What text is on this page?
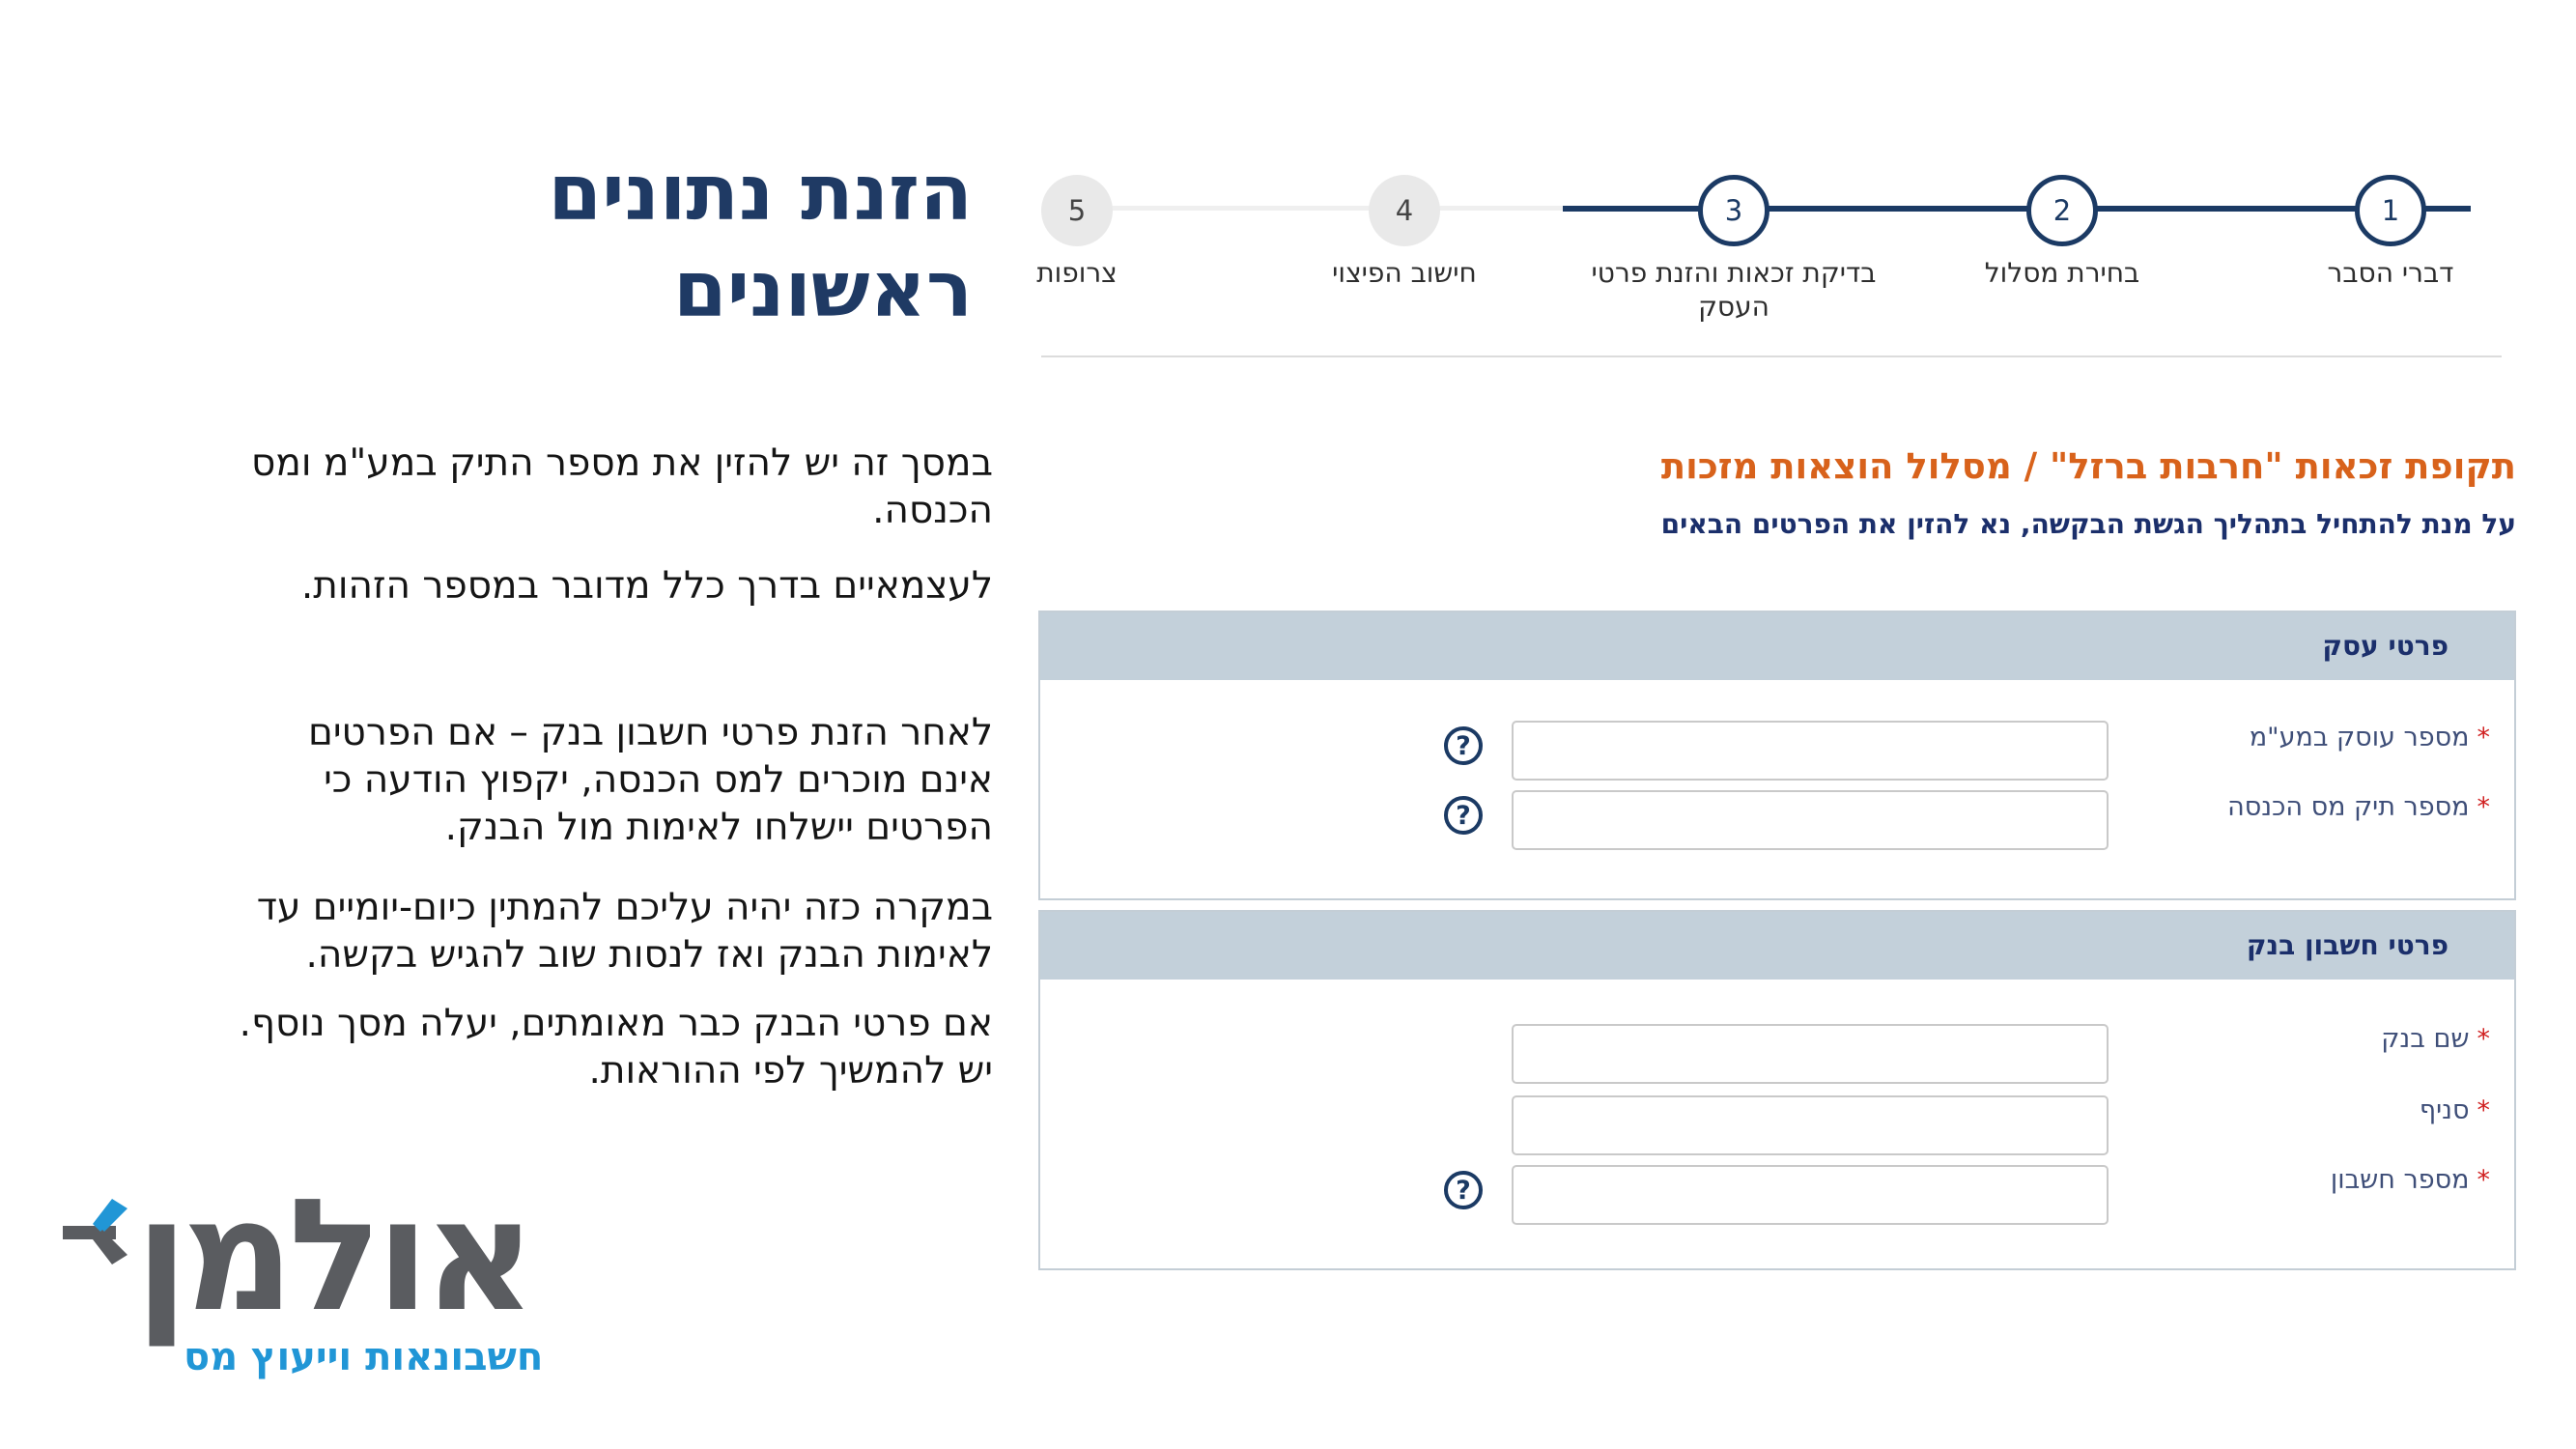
הזנת נתונים ראשונים
במסך זה יש להזין את מספר התיק במע"מ ומס הכנסה.
לעצמאיים בדרך כלל מדובר במספר הזהות.
לאחר הזנת פרטי חשבון בנק – אם הפרטים אינם מוכרים למס הכנסה, יקפוץ הודעה כי הפרטים יישלחו לאימות מול הבנק.
במקרה כזה יהיה עליכם להמתין כיום-יומיים עד לאימות הבנק ואז לנסות שוב להגיש בקשה.
אם פרטי הבנק כבר מאומתים, יעלה מסך נוסף. יש להמשיך לפי ההוראות.
אולמן
חשבונאות וייעוץ מס
5
צרופות
4
חישוב הפיצוי
3
בדיקת זכאות והזנת פרטי העסק
2
בחירת מסלול
1
דברי הסבר
תקופת זכאות "חרבות ברזל" / מסלול הוצאות מזכות
על מנת להתחיל בתהליך הגשת הבקשה, נא להזין את הפרטים הבאים
פרטי עסק
*מספר עוסק במע"מ
?
*מספר תיק מס הכנסה
?
פרטי חשבון בנק
*שם בנק
*סניף
*מספר חשבון
?
